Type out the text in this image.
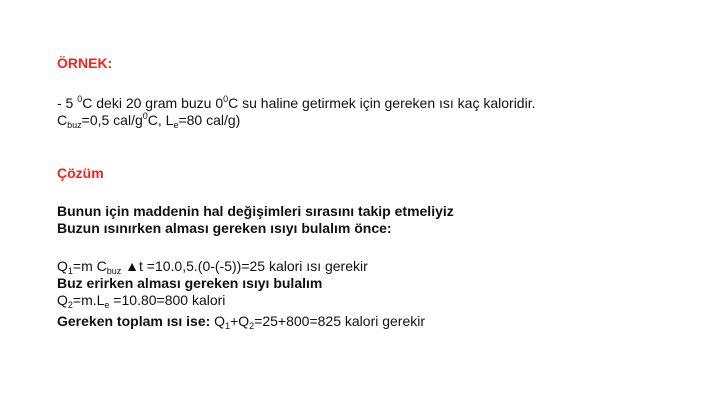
ÖRNEK:
- 5 $^0$C deki 20 gram buzu $0^0C$ su haline getirmek için gereken ısı kaç kaloridir.
$C_{buz}=0,5$ cal/$g^0C$, $L_e=80$ cal/g)
Çözüm
Bunun için maddenin hal değişimleri sırasını takip etmeliyiz
Buzun ısınırken alması gereken ısıyı bulalım önce:
$Q_1=m$ $C_{buz}$ ▲t =10.0,5.(0-(-5))=25 kalori ısı gerekir
Buz erirken alması gereken ısıyı bulalım
$Q_2=m.L_e =10.80=800$ kalori
Gereken toplam ısı ise: $Q_1+Q_2=25+800=825$ kalori gerekir
